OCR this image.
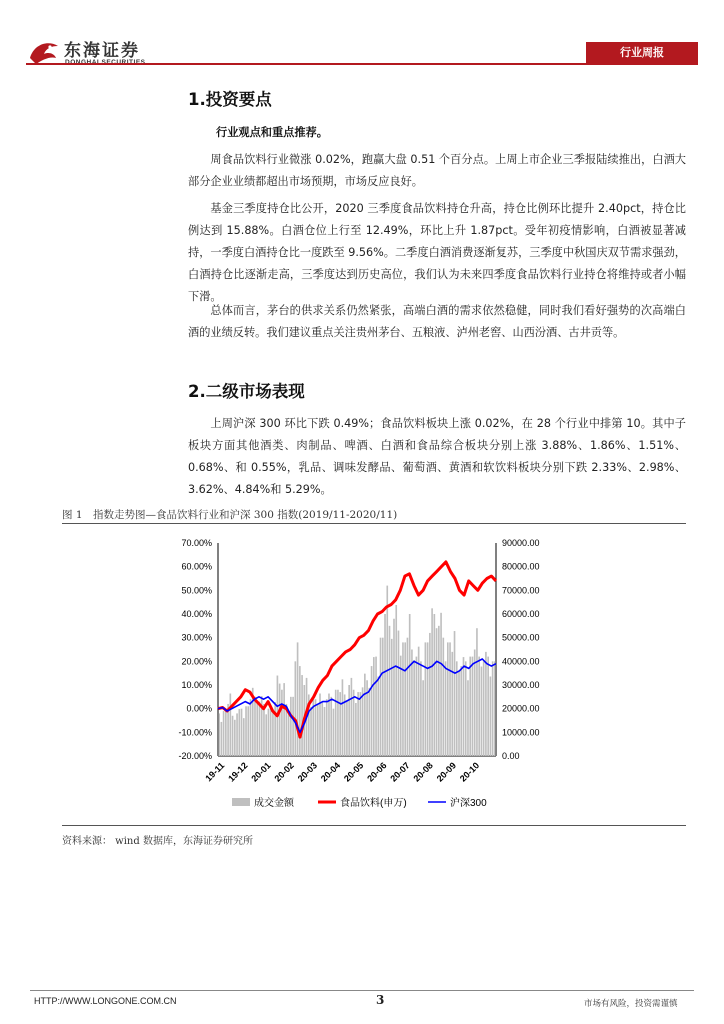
东海证券	行业周报
1.投资要点
行业观点和重点推荐。

周食品饮料行业微涨 0.02%，跑赢大盘 0.51 个百分点。上周上市企业三季报陆续推出，白酒大部分企业业绩都超出市场预期，市场反应良好。

基金三季度持仓比公开，2020 三季度食品饮料持仓升高，持仓比例环比提升 2.40pct，持仓比例达到 15.88%。白酒仓位上行至 12.49%，环比上升 1.87pct。受年初疫情影响，白酒被显著减持，一季度白酒持仓比一度跌至 9.56%。二季度白酒消费逐渐复苏，三季度中秋国庆双节需求强劲，白酒持仓比逐渐走高，三季度达到历史高位，我们认为未来四季度食品饮料行业持仓将维持或者小幅下滑。

总体而言，茅台的供求关系仍然紧张，高端白酒的需求依然稳健，同时我们看好强势的次高端白酒的业绩反转。我们建议重点关注贵州茅台、五粮液、泸州老窖、山西汾酒、古井贡等。

2.二级市场表现

上周沪深 300 环比下跌 0.49%；食品饮料板块上涨 0.02%，在 28 个行业中排第 10。其中子板块方面其他酒类、肉制品、啤酒、白酒和食品综合板块分别上涨 3.88%、1.86%、1.51%、0.68%、和 0.55%，乳品、调味发酵品、葡萄酒、黄酒和软饮料板块分别下跌 2.33%、2.98%、3.62%、4.84%和 5.29%。

图 1　指数走势图—食品饮料行业和沪深 300 指数(2019/11-2020/11)
70.00%
60.00%
50.00%
40.00%
30.00%
20.00%
10.00%
0.00%
-10.00%
-20.00%
90000.00
80000.00
70000.00
60000.00
50000.00
40000.00
30000.00
20000.00
10000.00
0.00
19-11 19-12 20-01 20-02 20-03 20-04 20-05 20-06 20-07 20-08 20-09 20-10
成交金额	食品饮料(申万)	沪深300
资料来源： wind 数据库，东海证券研究所
HTTP://WWW.LONGONE.COM.CN	3	市场有风险，投资需谨慎
